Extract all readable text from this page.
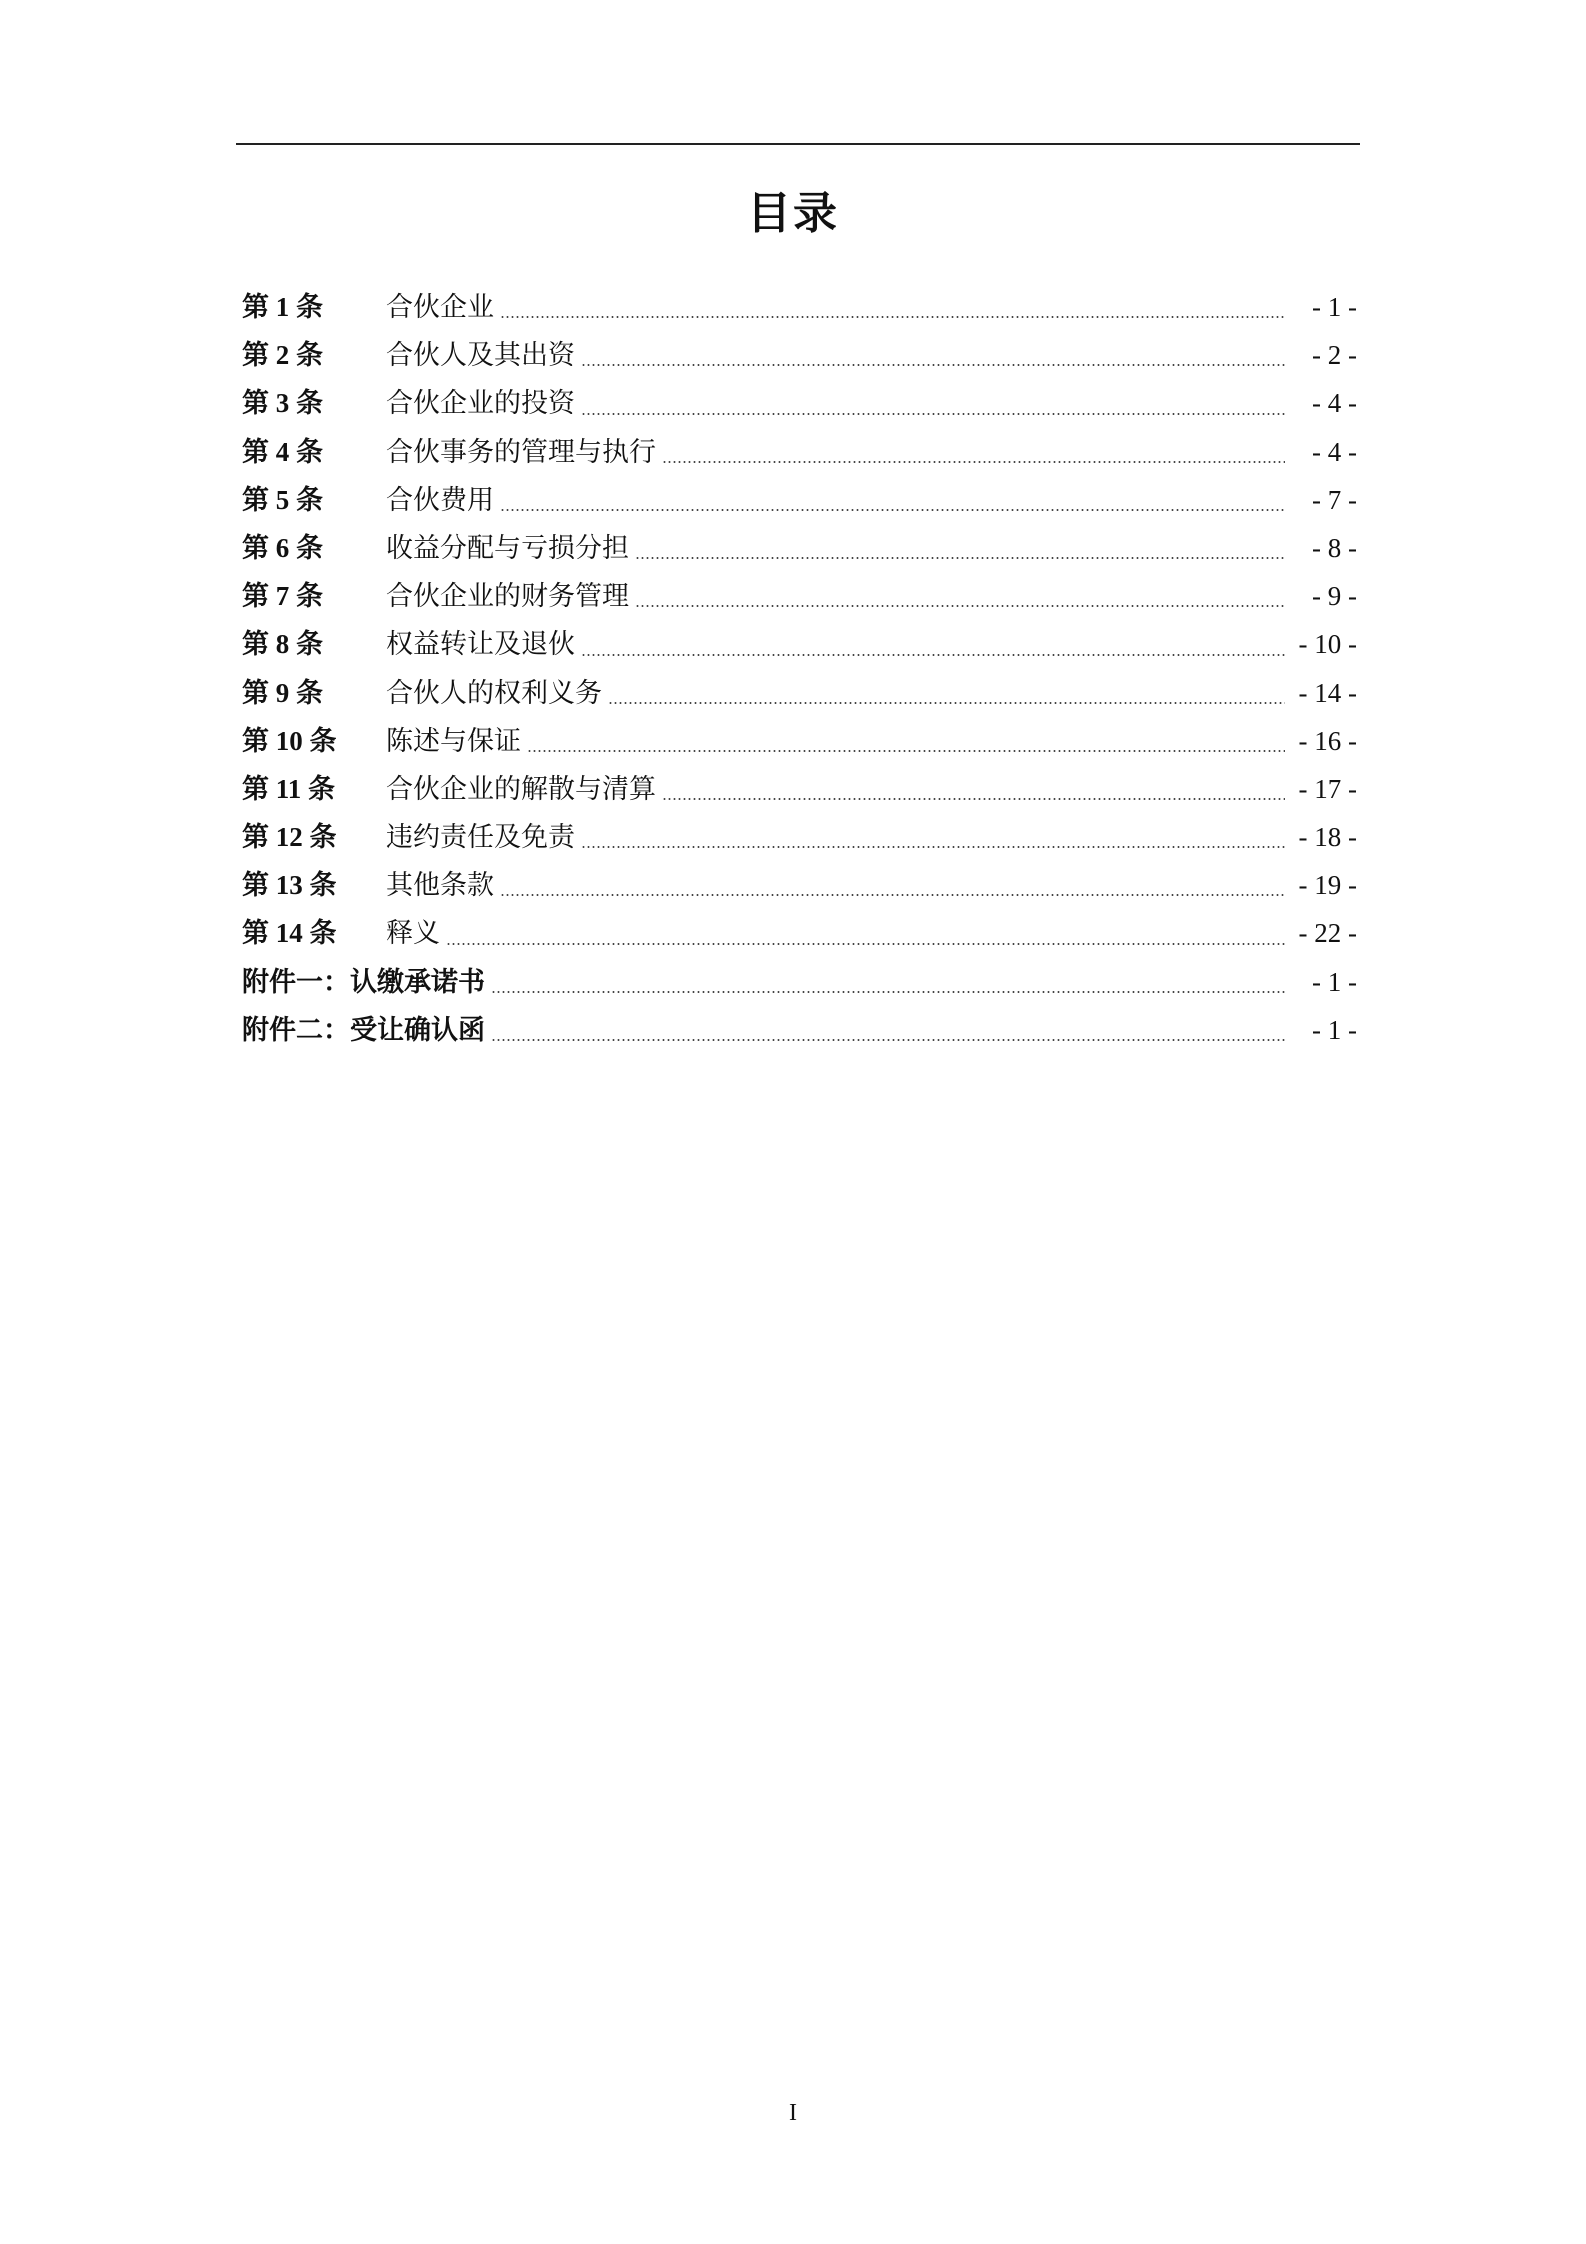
目录
第 1 条	合伙企业	- 1 -
第 2 条	合伙人及其出资	- 2 -
第 3 条	合伙企业的投资	- 4 -
第 4 条	合伙事务的管理与执行	- 4 -
第 5 条	合伙费用	- 7 -
第 6 条	收益分配与亏损分担	- 8 -
第 7 条	合伙企业的财务管理	- 9 -
第 8 条	权益转让及退伙	- 10 -
第 9 条	合伙人的权利义务	- 14 -
第 10 条	陈述与保证	- 16 -
第 11 条	合伙企业的解散与清算	- 17 -
第 12 条	违约责任及免责	- 18 -
第 13 条	其他条款	- 19 -
第 14 条	释义	- 22 -
附件一：认缴承诺书	- 1 -
附件二：受让确认函	- 1 -
I
